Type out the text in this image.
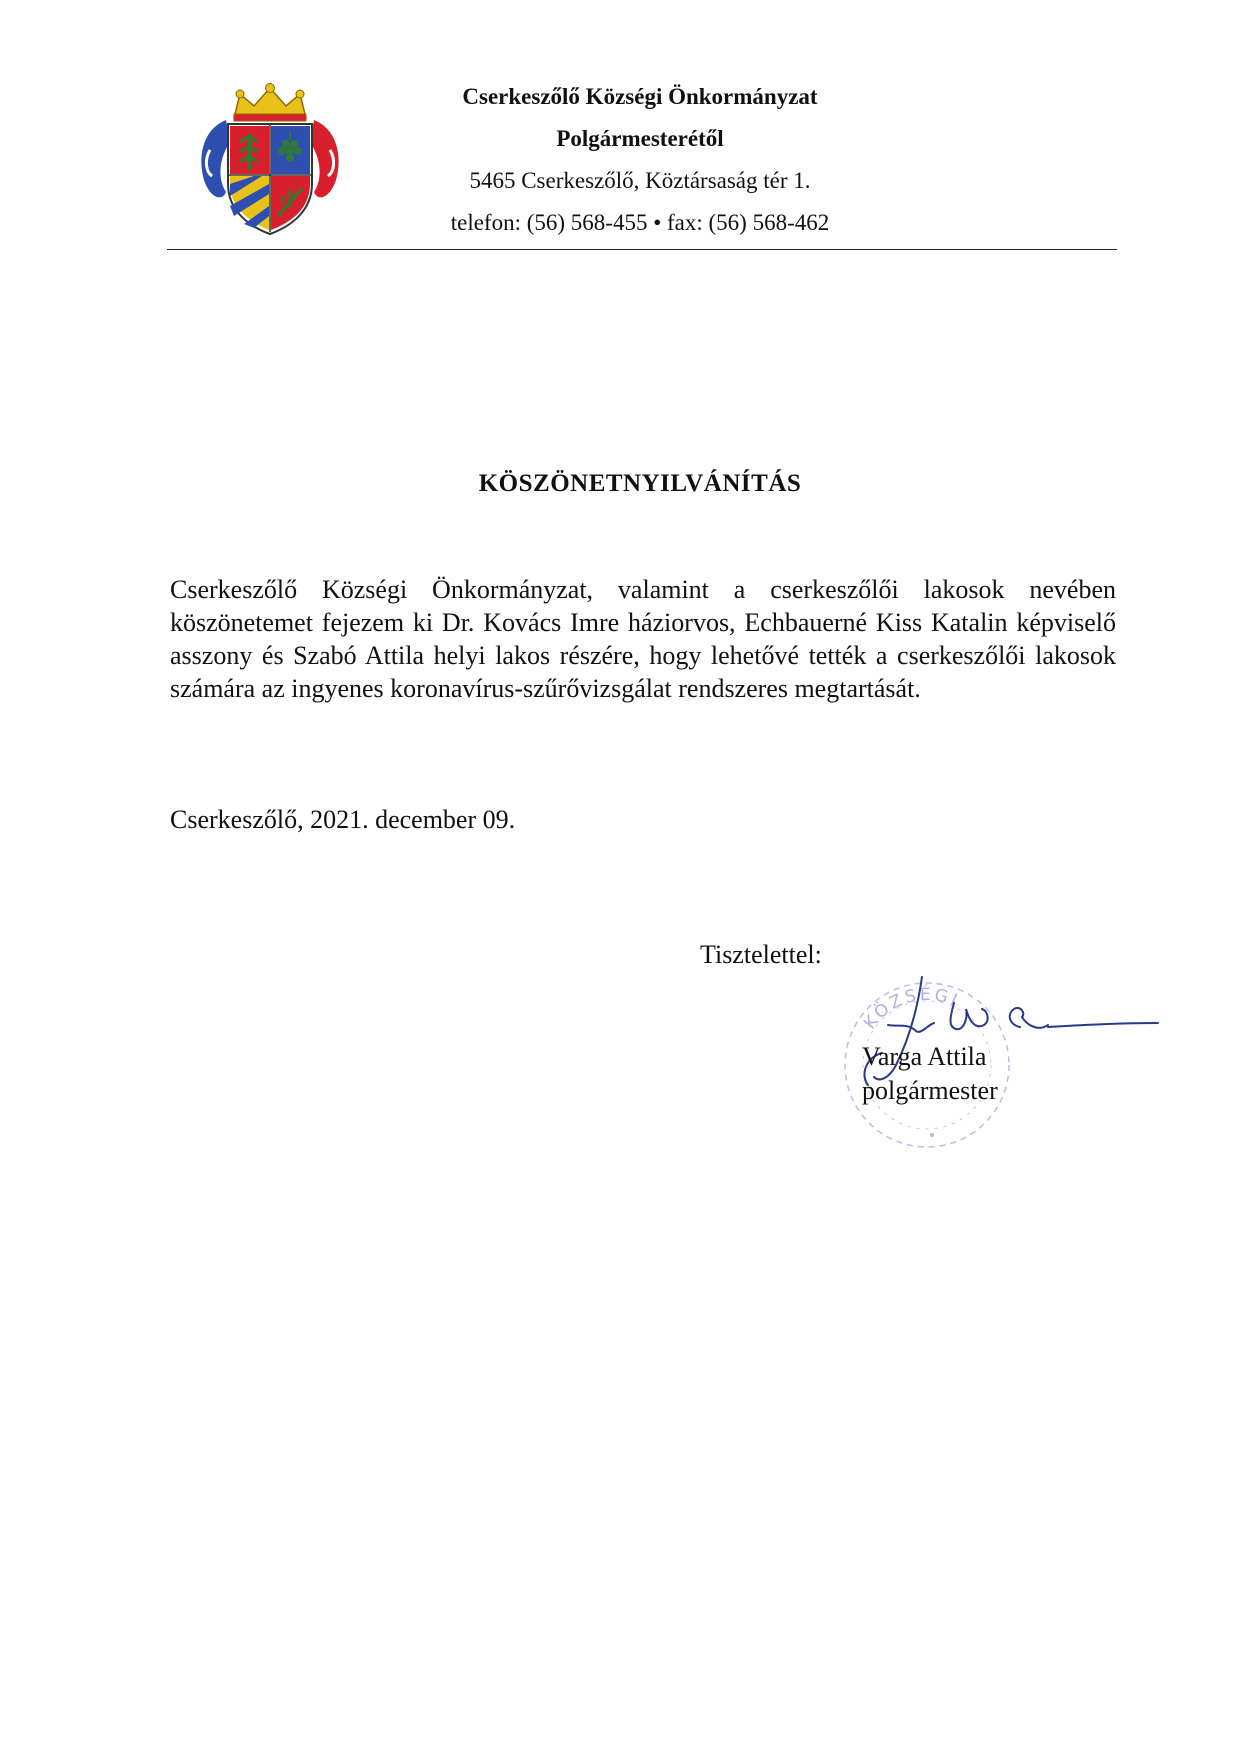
Cserkeszőlő Községi Önkormányzat
Polgármesterétől
5465 Cserkeszőlő, Köztársaság tér 1.
telefon: (56) 568-455 • fax: (56) 568-462
KÖSZÖNETNYILVÁNÍTÁS
Cserkeszőlő Községi Önkormányzat, valamint a cserkeszőlői lakosok nevében köszönetemet fejezem ki Dr. Kovács Imre háziorvos, Echbauerné Kiss Katalin képviselő asszony és Szabó Attila helyi lakos részére, hogy lehetővé tették a cserkeszőlői lakosok számára az ingyenes koronavírus-szűrővizsgálat rendszeres megtartását.
Cserkeszőlő, 2021. december 09.
Tisztelettel:
KÖZSÉGI
Varga Attila
polgármester
